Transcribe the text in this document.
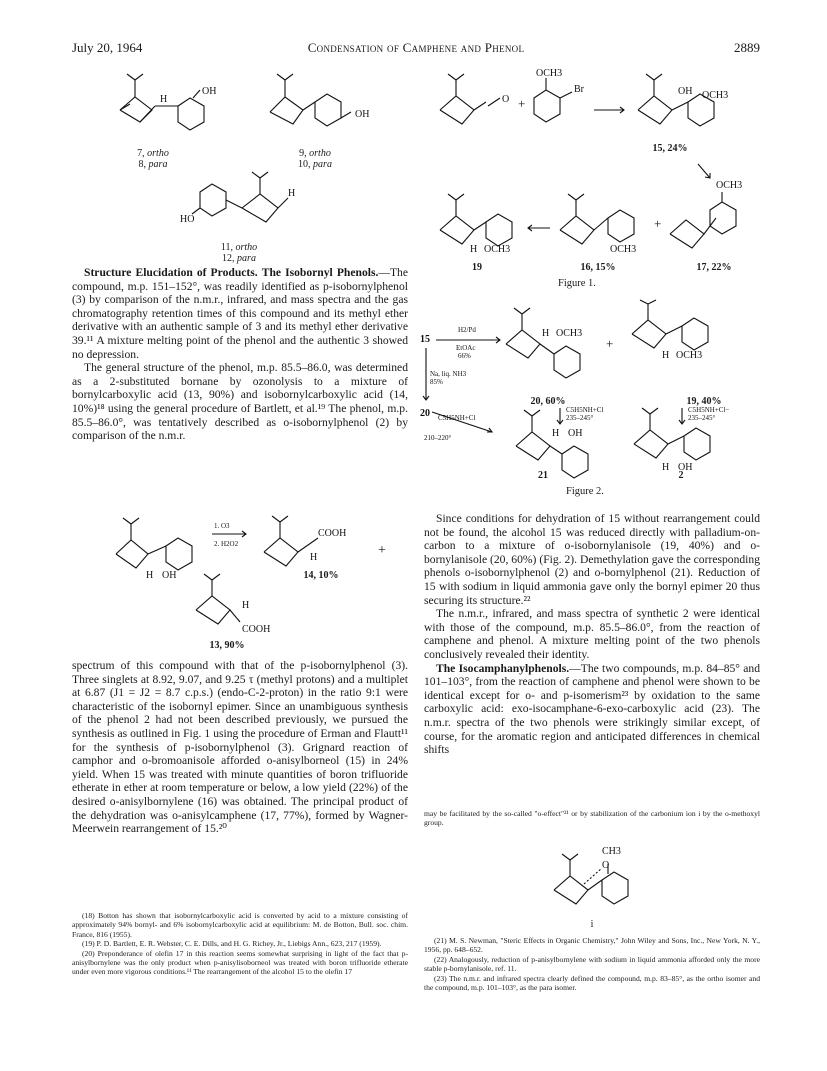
July 20, 1964	Condensation of Camphene and Phenol	2889
H
OH
7, ortho
8, para
OH
9, ortho
10, para
H
HO
11, ortho
12, para

Structure Elucidation of Products. The Isobornyl Phenols.—The compound, m.p. 151–152°, was readily identified as p-isobornylphenol (3) by comparison of the n.m.r., infrared, and mass spectra and the gas chromatography retention times of this compound and its methyl ether derivative with an authentic sample of 3 and its methyl ether derivative 39.¹¹ A mixture melting point of the phenol and the authentic 3 showed no depression.

The general structure of the phenol, m.p. 85.5–86.0, was determined as a 2-substituted bornane by ozonolysis to a mixture of bornylcarboxylic acid (13, 90%) and isobornylcarboxylic acid (14, 10%)¹⁸ using the general procedure of Bartlett, et al.¹⁹ The phenol, m.p. 85.5–86.0°, was tentatively described as o-isobornylphenol (2) by comparison of the n.m.r.

H OH
1. O3
2. H2O2
COOH
H	+
H
COOH
14, 10%
13, 90%

spectrum of this compound with that of the p-isobornylphenol (3). Three singlets at 8.92, 9.07, and 9.25 τ (methyl protons) and a multiplet at 6.87 (J1 = J2 = 8.7 c.p.s.) (endo-C-2-proton) in the ratio 9:1 were characteristic of the isobornyl epimer. Since an unambiguous synthesis of the phenol 2 had not been described previously, we pursued the synthesis as outlined in Fig. 1 using the procedure of Erman and Flautt¹¹ for the synthesis of p-isobornylphenol (3). Grignard reaction of camphor and o-bromoanisole afforded o-anisylborneol (15) in 24% yield. When 15 was treated with minute quantities of boron trifluoride etherate in ether at room temperature or below, a low yield (22%) of the desired o-anisylbornylene (16) was obtained. The principal product of the dehydration was o-anisylcamphene (17, 77%), formed by Wagner-Meerwein rearrangement of 15.²⁰

(18) Botton has shown that isobornylcarboxylic acid is converted by acid to a mixture consisting of approximately 94% bornyl- and 6% isobornylcarboxylic acid at equilibrium: M. de Botton, Bull. soc. chim. France, 816 (1955).

(19) P. D. Bartlett, E. R. Webster, C. E. Dills, and H. G. Richey, Jr., Liebigs Ann., 623, 217 (1959).

(20) Preponderance of olefin 17 in this reaction seems somewhat surprising in light of the fact that p-anisylbornylene was the only product when p-anisylisoborneol was treated with boron trifluoride etherate under even more vigorous conditions.¹¹ The rearrangement of the alcohol 15 to the olefin 17

O +
OCH3
Br	OH OCH3
H OCH3	OCH3
+
OCH3
15, 24%
19	16, 15%	17, 22%
Figure 1.
15
H2/Pd
EtOAc
66%
Na, liq. NH3
85%
H OCH3
+
H OCH3
C5H5NH+Cl
235–245°
C5H5NH+Cl−
235–245°
20 C5H5NH+Cl
210–220°	H OH
H OH
20, 60%	19, 40%
21	2
Figure 2.

Since conditions for dehydration of 15 without rearrangement could not be found, the alcohol 15 was reduced directly with palladium-on-carbon to a mixture of o-isobornylanisole (19, 40%) and o-bornylanisole (20, 60%) (Fig. 2). Demethylation gave the corresponding phenols o-isobornylphenol (2) and o-bornylphenol (21). Reduction of 15 with sodium in liquid ammonia gave only the bornyl epimer 20 thus securing its structure.²²

The n.m.r., infrared, and mass spectra of synthetic 2 were identical with those of the compound, m.p. 85.5–86.0°, from the reaction of camphene and phenol. A mixture melting point of the two phenols conclusively revealed their identity.

The Isocamphanylphenols.—The two compounds, m.p. 84–85° and 101–103°, from the reaction of camphene and phenol were shown to be identical except for o- and p-isomerism²³ by oxidation to the same carboxylic acid: exo-isocamphane-6-exo-carboxylic acid (23). The n.m.r. spectra of the two phenols were strikingly similar except, of course, for the aromatic region and anticipated differences in chemical shifts

may be facilitated by the so-called "o-effect"²¹ or by stabilization of the carbonium ion i by the o-methoxyl group.

CH3
O
i

(21) M. S. Newman, "Steric Effects in Organic Chemistry," John Wiley and Sons, Inc., New York, N. Y., 1956, pp. 648–652.

(22) Analogously, reduction of p-anisylbornylene with sodium in liquid ammonia afforded only the more stable p-bornylanisole, ref. 11.

(23) The n.m.r. and infrared spectra clearly defined the compound, m.p. 83–85°, as the ortho isomer and the compound, m.p. 101–103°, as the para isomer.
